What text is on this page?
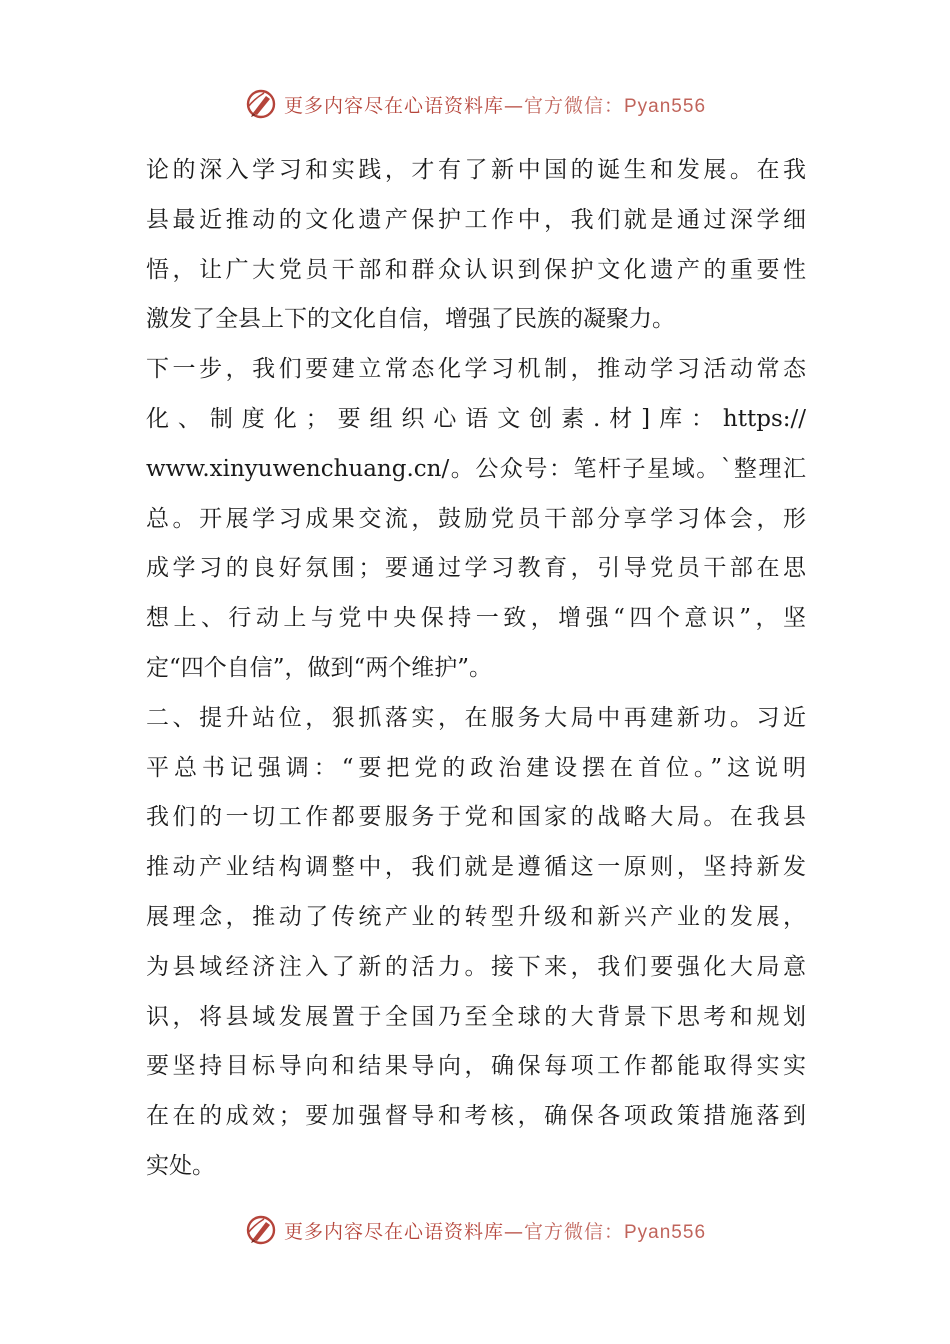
更多内容尽在心语资料库—官方微信：Pyan556
论的深入学习和实践，才有了新中国的诞生和发展。在我
县最近推动的文化遗产保护工作中，我们就是通过深学细
悟，让广大党员干部和群众认识到保护文化遗产的重要性
激发了全县上下的文化自信，增强了民族的凝聚力。
下一步，我们要建立常态化学习机制，推动学习活动常态
化、制度化；要组织心语文创素.材]库：https://
www.xinyuwenchuang.cn/。公众号：笔杆子星域。`整理汇
总。开展学习成果交流，鼓励党员干部分享学习体会，形
成学习的良好氛围；要通过学习教育，引导党员干部在思
想上、行动上与党中央保持一致，增强“四个意识”，坚
定“四个自信”，做到“两个维护”。
二、提升站位，狠抓落实，在服务大局中再建新功。习近
平总书记强调：“要把党的政治建设摆在首位。”这说明
我们的一切工作都要服务于党和国家的战略大局。在我县
推动产业结构调整中，我们就是遵循这一原则，坚持新发
展理念，推动了传统产业的转型升级和新兴产业的发展，
为县域经济注入了新的活力。接下来，我们要强化大局意
识，将县域发展置于全国乃至全球的大背景下思考和规划
要坚持目标导向和结果导向，确保每项工作都能取得实实
在在的成效；要加强督导和考核，确保各项政策措施落到
实处。
更多内容尽在心语资料库—官方微信：Pyan556
